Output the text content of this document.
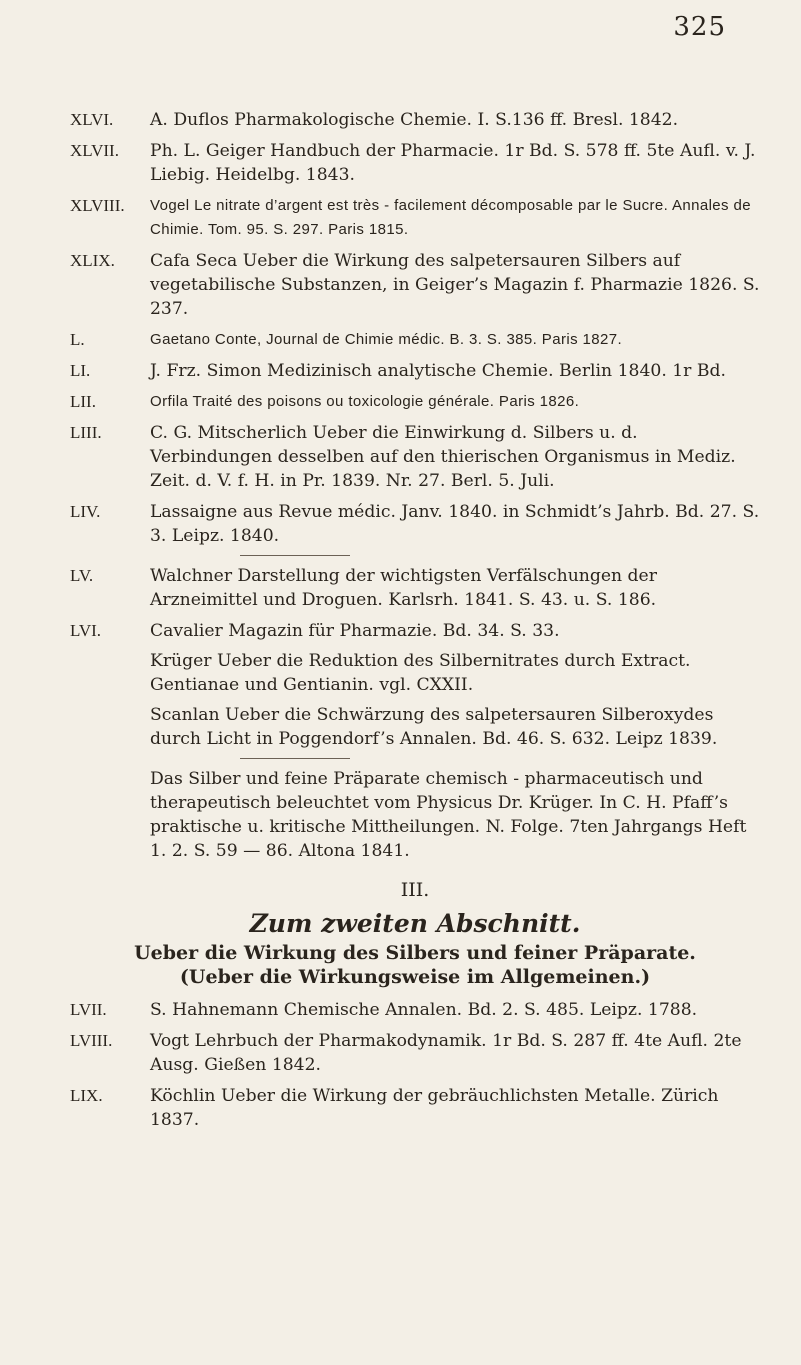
325
XLVI.	A. Duflos Pharmakologische Chemie. I. S.136 ff. Bresl. 1842.
XLVII.	Ph. L. Geiger Handbuch der Pharmacie. 1r Bd. S. 578 ff. 5te Aufl. v. J. Liebig. Heidelbg. 1843.
XLVIII.	Vogel Le nitrate d’argent est très - facilement décomposable par le Sucre. Annales de Chimie. Tom. 95. S. 297. Paris 1815.
XLIX.	Cafa Seca Ueber die Wirkung des salpetersauren Silbers auf vegetabilische Substanzen, in Geiger’s Magazin f. Pharmazie 1826. S. 237.
L.	Gaetano Conte, Journal de Chimie médic. B. 3. S. 385. Paris 1827.
LI.	J. Frz. Simon Medizinisch analytische Chemie. Berlin 1840. 1r Bd.
LII.	Orfila Traité des poisons ou toxicologie générale. Paris 1826.
LIII.	C. G. Mitscherlich Ueber die Einwirkung d. Silbers u. d. Verbindungen desselben auf den thierischen Organismus in Mediz. Zeit. d. V. f. H. in Pr. 1839. Nr. 27. Berl. 5. Juli.
LIV.	Lassaigne aus Revue médic. Janv. 1840. in Schmidt’s Jahrb. Bd. 27. S. 3. Leipz. 1840.
LV.	Walchner Darstellung der wichtigsten Verfälschungen der Arzneimittel und Droguen. Karlsrh. 1841. S. 43. u. S. 186.
LVI.	Cavalier Magazin für Pharmazie. Bd. 34. S. 33.

Krüger Ueber die Reduktion des Silbernitrates durch Extract. Gentianae und Gentianin. vgl. CXXII.

Scanlan Ueber die Schwärzung des salpetersauren Silberoxydes durch Licht in Poggendorf’s Annalen. Bd. 46. S. 632. Leipz 1839.

Das Silber und feine Präparate chemisch - pharmaceutisch und therapeutisch beleuchtet vom Physicus Dr. Krüger. In C. H. Pfaff’s praktische u. kritische Mittheilungen. N. Folge. 7ten Jahrgangs Heft 1. 2. S. 59 — 86. Altona 1841.
III.
Zum zweiten Abschnitt.
Ueber die Wirkung des Silbers und feiner Präparate.
(Ueber die Wirkungsweise im Allgemeinen.)
LVII.	S. Hahnemann Chemische Annalen. Bd. 2. S. 485. Leipz. 1788.
LVIII.	Vogt Lehrbuch der Pharmakodynamik. 1r Bd. S. 287 ff. 4te Aufl. 2te Ausg. Gießen 1842.
LIX.	Köchlin Ueber die Wirkung der gebräuchlichsten Metalle. Zürich 1837.
